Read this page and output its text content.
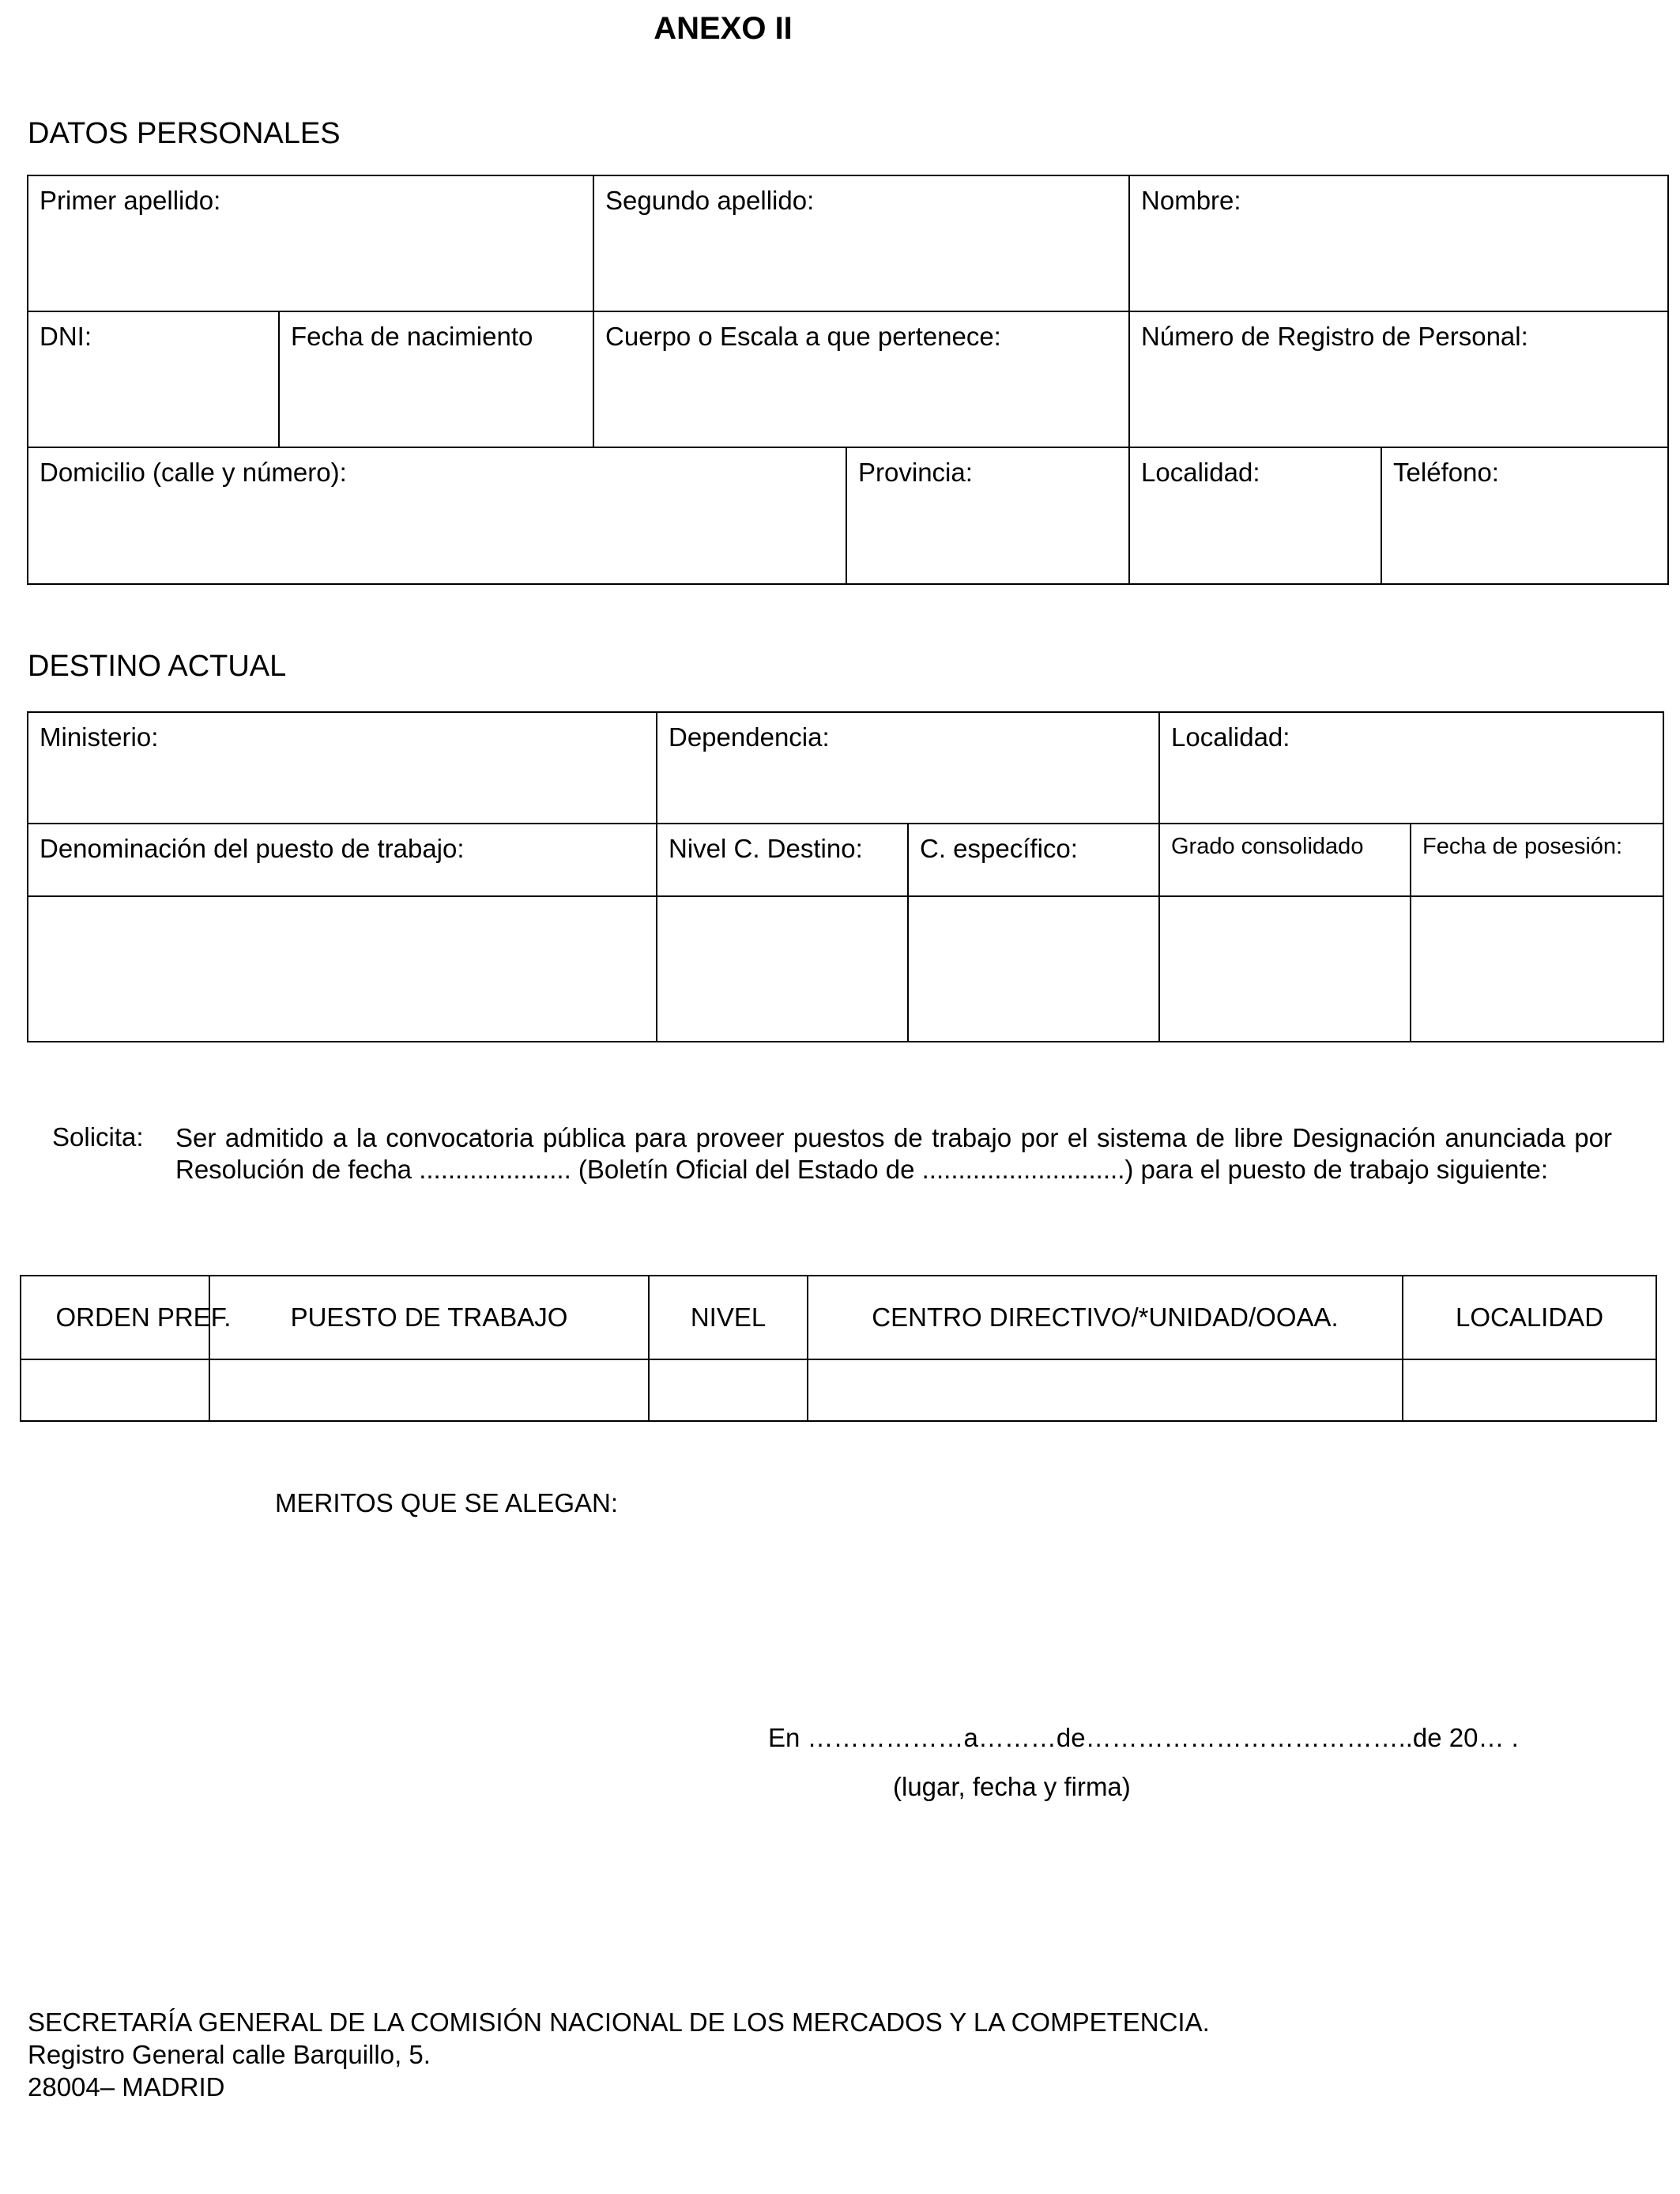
ANEXO II
DATOS PERSONALES
Primer apellido:		Segundo apellido:		Nombre:	
DNI:	Fecha de nacimiento	Cuerpo o Escala a que pertenece:		Número de Registro de Personal:	
Domicilio (calle y número):			Provincia:	Localidad:	Teléfono:
DESTINO ACTUAL
Ministerio:	Dependencia:		Localidad:	
Denominación del puesto de trabajo:	Nivel C. Destino:	C. específico:	Grado consolidado	Fecha de posesión:

Solicita: Ser admitido a la convocatoria pública para proveer puestos de trabajo por el sistema de libre Designación anunciada por Resolución de fecha ..................... (Boletín Oficial del Estado de ............................) para el puesto de trabajo siguiente:
ORDEN PREF.	PUESTO DE TRABAJO	NIVEL	CENTRO DIRECTIVO/*UNIDAD/OOAA.	LOCALIDAD

MERITOS QUE SE ALEGAN:
En ………………a………de………………………………..de 20… .
(lugar, fecha y firma)
SECRETARÍA GENERAL DE LA COMISIÓN NACIONAL DE LOS MERCADOS Y LA COMPETENCIA.
Registro General calle Barquillo, 5.
28004– MADRID
